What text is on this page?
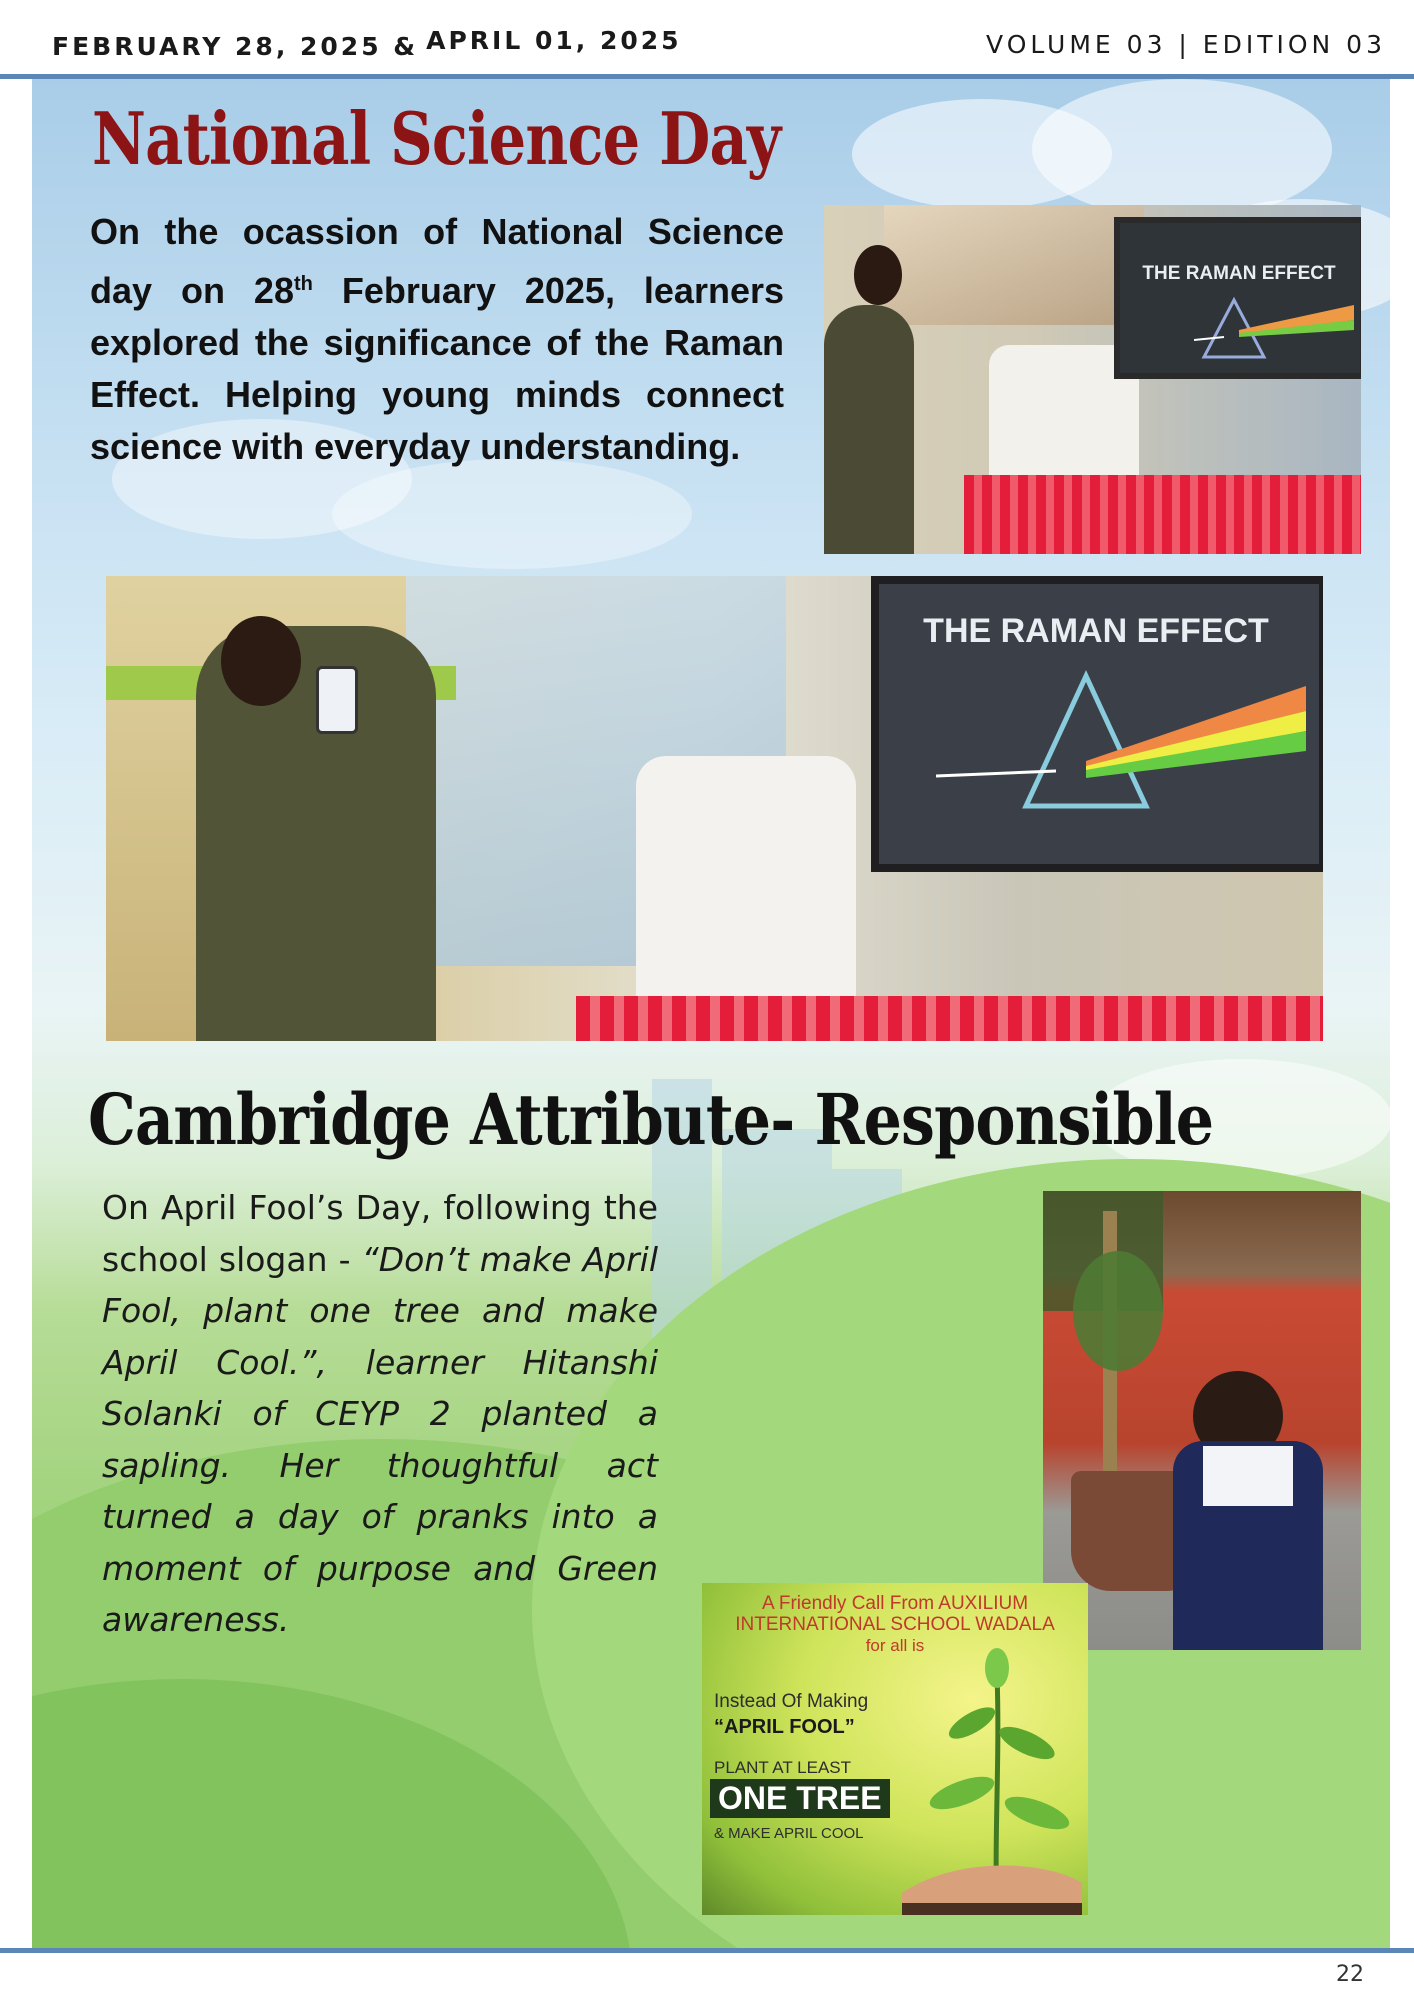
FEBRUARY 28, 2025 & APRIL 01, 2025	VOLUME 03 | EDITION 03
National Science Day
On the ocassion of National Science day on 28th February 2025, learners explored the significance of the Raman Effect. Helping young minds connect science with everyday understanding.
THE RAMAN EFFECT
THE RAMAN EFFECT
Cambridge Attribute- Responsible
On April Fool’s Day, following the school slogan - “Don’t make April Fool, plant one tree and make April Cool.”, learner Hitanshi Solanki of CEYP 2 planted a sapling. Her thoughtful act turned a day of pranks into a moment of purpose and Green awareness.	A Friendly Call From AUXILIUM
INTERNATIONAL SCHOOL WADALA
for all is
Instead Of Making
“APRIL FOOL”
PLANT AT LEAST
ONE TREE
& MAKE APRIL COOL
22
